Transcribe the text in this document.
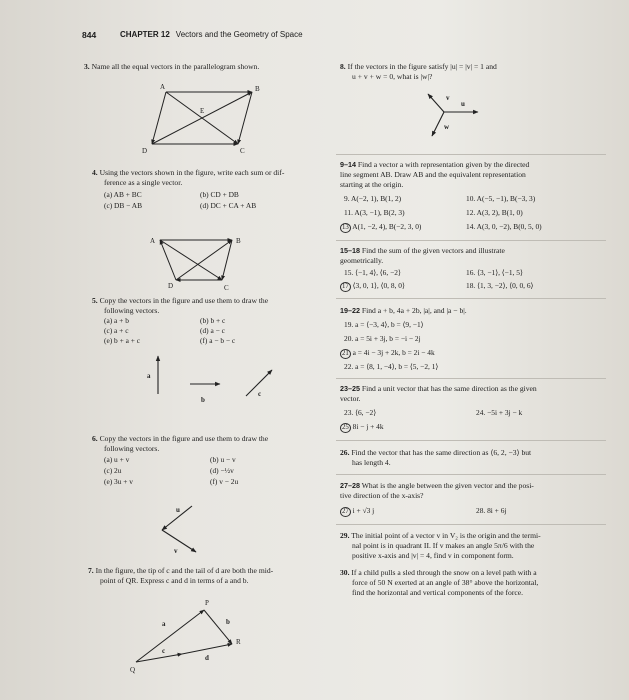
844	CHAPTER 12 Vectors and the Geometry of Space
3. Name all the equal vectors in the parallelogram shown.
4. Using the vectors shown in the figure, write each sum or dif-
ference as a single vector.
(a) AB + BC	(b) CD + DB
(c) DB − AB	(d) DC + CA + AB
5. Copy the vectors in the figure and use them to draw the
following vectors.
(a) a + b	(b) b + c
(c) a + c	(d) a − c
(e) b + a + c	(f) a − b − c
6. Copy the vectors in the figure and use them to draw the
following vectors.
(a) u + v	(b) u − v
(c) 2u	(d) −½v
(e) 3u + v	(f) v − 2u
7. In the figure, the tip of c and the tail of d are both the mid-
point of QR. Express c and d in terms of a and b.
8. If the vectors in the figure satisfy |u| = |v| = 1 and
u + v + w = 0, what is |w|?
9–14 Find a vector a with representation given by the directed
line segment AB. Draw AB and the equivalent representation
starting at the origin.
9. A(−2, 1), B(1, 2)	10. A(−5, −1), B(−3, 3)
11. A(3, −1), B(2, 3)	12. A(3, 2), B(1, 0)
13 A(1, −2, 4), B(−2, 3, 0)	14. A(3, 0, −2), B(0, 5, 0)
15–18 Find the sum of the given vectors and illustrate
geometrically.
15. ⟨−1, 4⟩, ⟨6, −2⟩	16. ⟨3, −1⟩, ⟨−1, 5⟩
17 ⟨3, 0, 1⟩, ⟨0, 8, 0⟩	18. ⟨1, 3, −2⟩, ⟨0, 0, 6⟩
19–22 Find a + b, 4a + 2b, |a|, and |a − b|.
19. a = ⟨−3, 4⟩, b = ⟨9, −1⟩
20. a = 5i + 3j, b = −i − 2j
21 a = 4i − 3j + 2k, b = 2i − 4k
22. a = ⟨8, 1, −4⟩, b = ⟨5, −2, 1⟩
23–25 Find a unit vector that has the same direction as the given
vector.
23. ⟨6, −2⟩	24. −5i + 3j − k
25 8i − j + 4k
26. Find the vector that has the same direction as ⟨6, 2, −3⟩ but
has length 4.
27–28 What is the angle between the given vector and the posi-
tive direction of the x-axis?
27 i + √3 j	28. 8i + 6j
29. The initial point of a vector v in V₂ is the origin and the termi-
nal point is in quadrant II. If v makes an angle 5π/6 with the
positive x-axis and |v| = 4, find v in component form.
30. If a child pulls a sled through the snow on a level path with a
force of 50 N exerted at an angle of 38° above the horizontal,
find the horizontal and vertical components of the force.
A	B
C
D
E
A	B
C
D
a
b
c
u
v
Q
P
R
a	b
c
d
u
v
w
